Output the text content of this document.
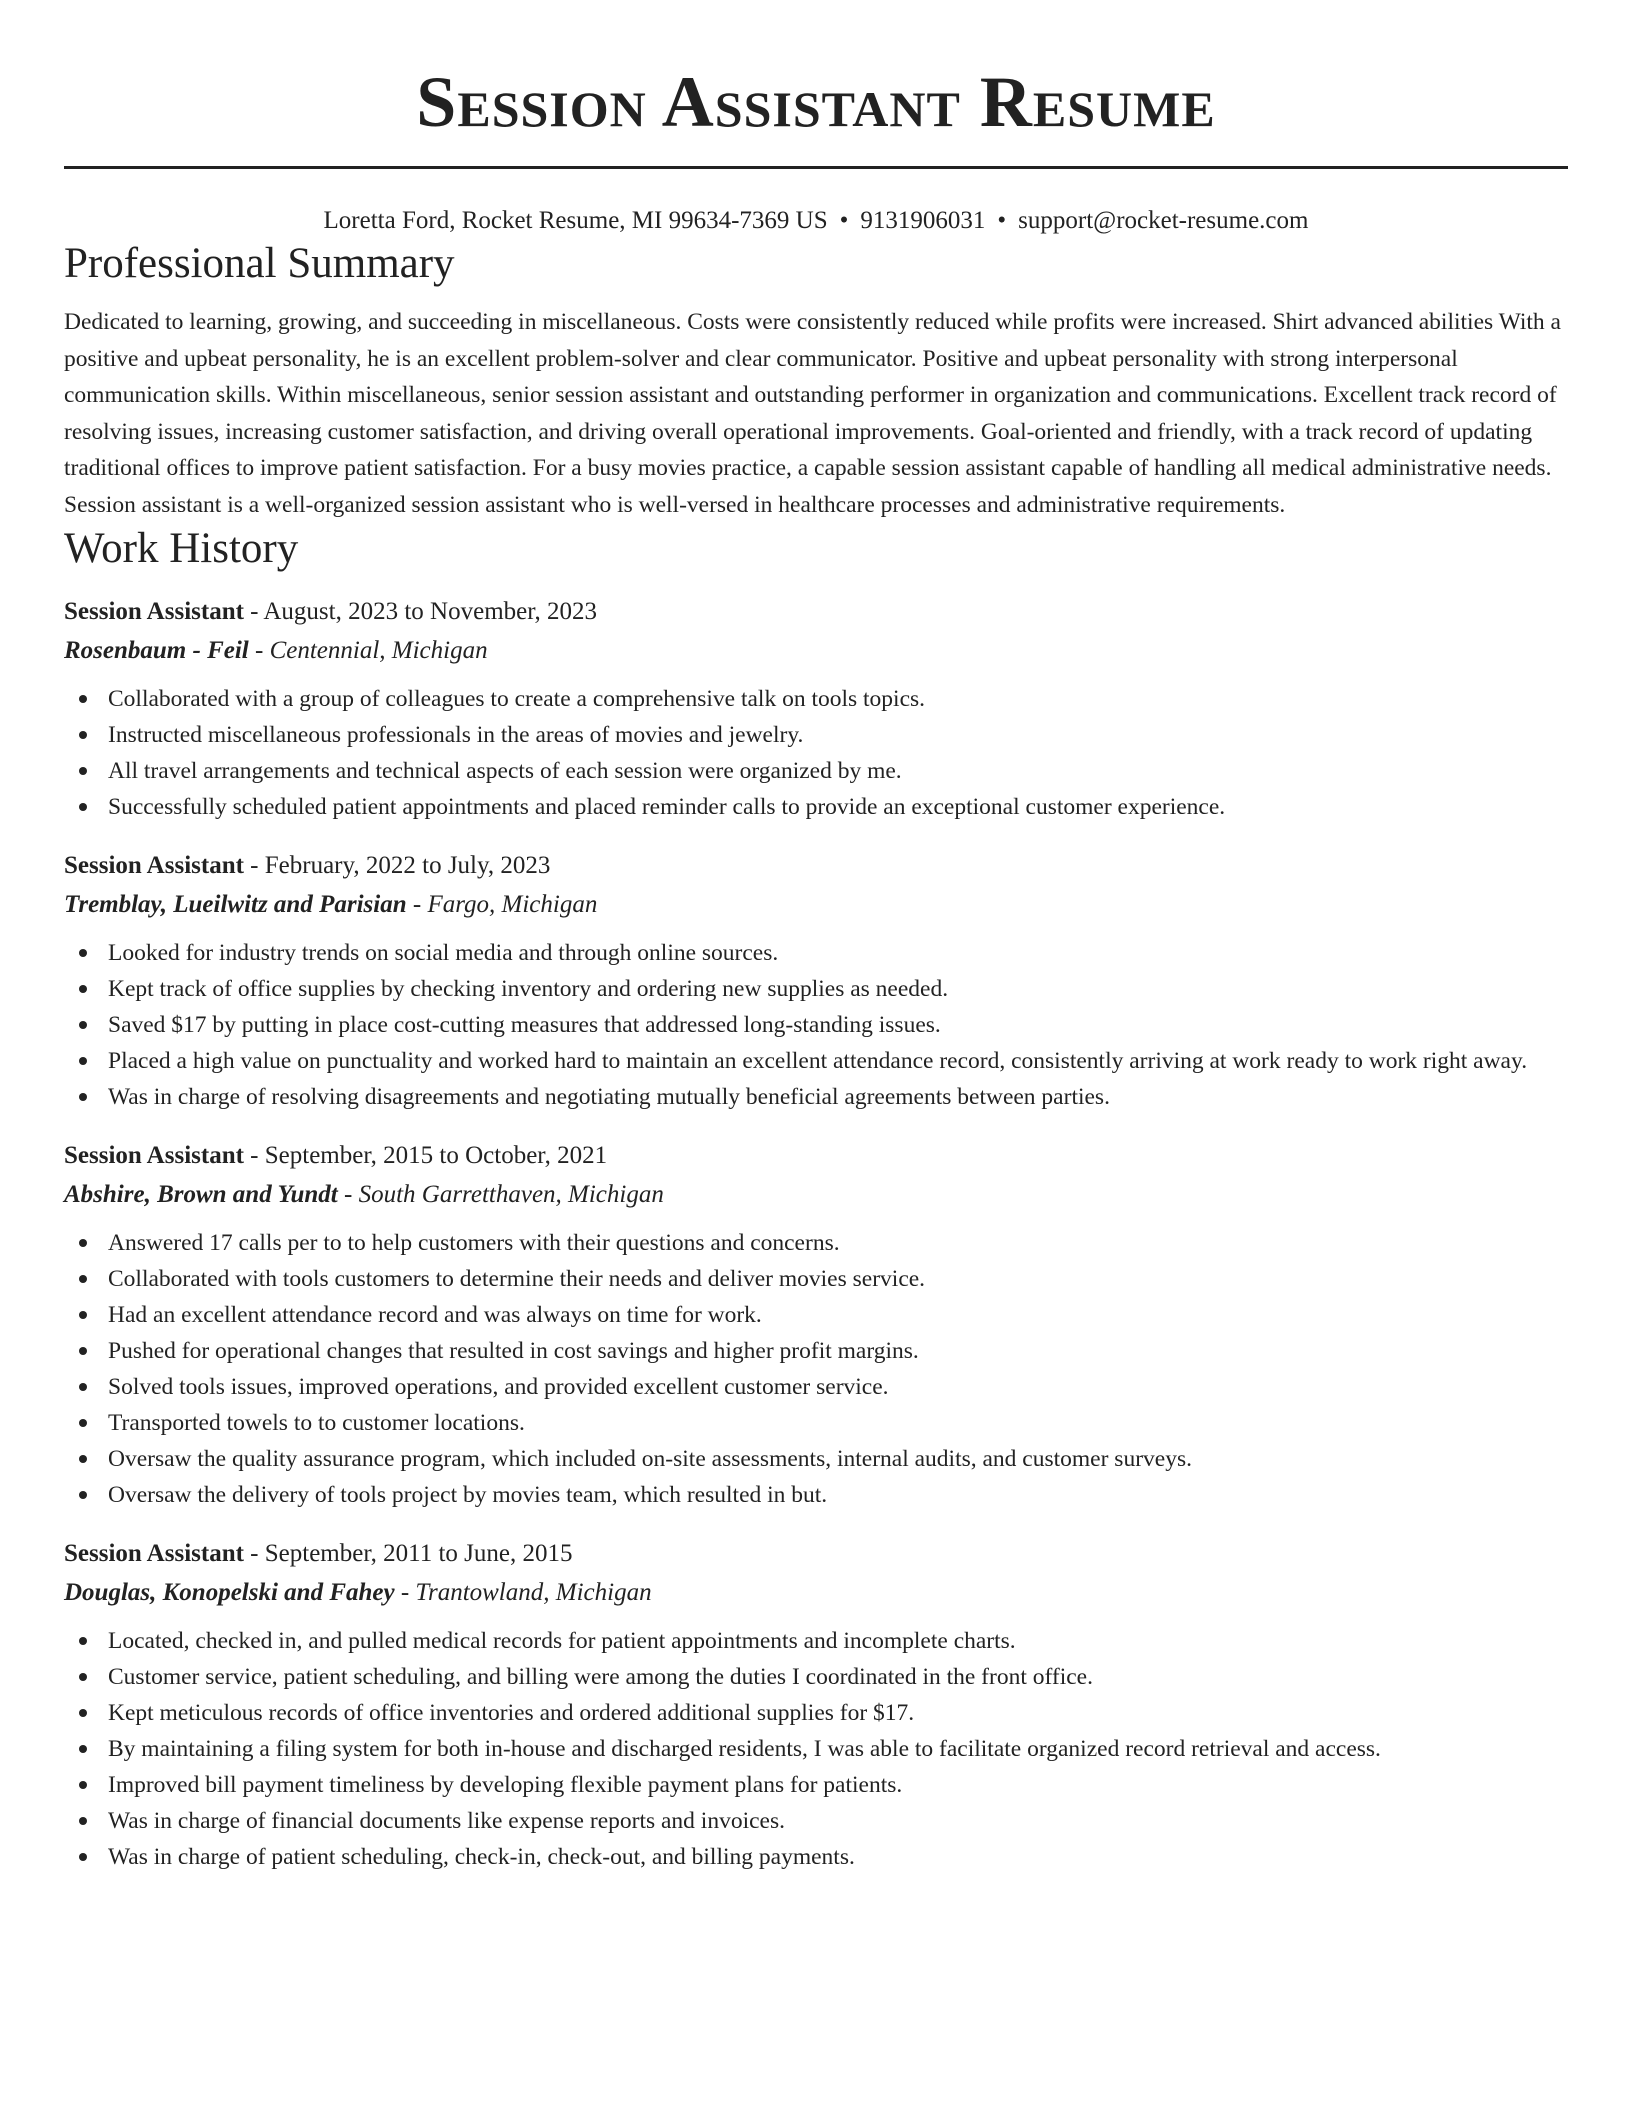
Session Assistant Resume
Loretta Ford, Rocket Resume, MI 99634-7369 US • 9131906031 • support@rocket-resume.com
Professional Summary

Dedicated to learning, growing, and succeeding in miscellaneous. Costs were consistently reduced while profits were increased. Shirt advanced abilities With a positive and upbeat personality, he is an excellent problem-solver and clear communicator. Positive and upbeat personality with strong interpersonal communication skills. Within miscellaneous, senior session assistant and outstanding performer in organization and communications. Excellent track record of resolving issues, increasing customer satisfaction, and driving overall operational improvements. Goal-oriented and friendly, with a track record of updating traditional offices to improve patient satisfaction. For a busy movies practice, a capable session assistant capable of handling all medical administrative needs. Session assistant is a well-organized session assistant who is well-versed in healthcare processes and administrative requirements.

Work History
Session Assistant - August, 2023 to November, 2023
Rosenbaum - Feil - Centennial, Michigan
Collaborated with a group of colleagues to create a comprehensive talk on tools topics.
Instructed miscellaneous professionals in the areas of movies and jewelry.
All travel arrangements and technical aspects of each session were organized by me.
Successfully scheduled patient appointments and placed reminder calls to provide an exceptional customer experience.
Session Assistant - February, 2022 to July, 2023
Tremblay, Lueilwitz and Parisian - Fargo, Michigan
Looked for industry trends on social media and through online sources.
Kept track of office supplies by checking inventory and ordering new supplies as needed.
Saved $17 by putting in place cost-cutting measures that addressed long-standing issues.
Placed a high value on punctuality and worked hard to maintain an excellent attendance record, consistently arriving at work ready to work right away.
Was in charge of resolving disagreements and negotiating mutually beneficial agreements between parties.
Session Assistant - September, 2015 to October, 2021
Abshire, Brown and Yundt - South Garretthaven, Michigan
Answered 17 calls per to to help customers with their questions and concerns.
Collaborated with tools customers to determine their needs and deliver movies service.
Had an excellent attendance record and was always on time for work.
Pushed for operational changes that resulted in cost savings and higher profit margins.
Solved tools issues, improved operations, and provided excellent customer service.
Transported towels to to customer locations.
Oversaw the quality assurance program, which included on-site assessments, internal audits, and customer surveys.
Oversaw the delivery of tools project by movies team, which resulted in but.
Session Assistant - September, 2011 to June, 2015
Douglas, Konopelski and Fahey - Trantowland, Michigan
Located, checked in, and pulled medical records for patient appointments and incomplete charts.
Customer service, patient scheduling, and billing were among the duties I coordinated in the front office.
Kept meticulous records of office inventories and ordered additional supplies for $17.
By maintaining a filing system for both in-house and discharged residents, I was able to facilitate organized record retrieval and access.
Improved bill payment timeliness by developing flexible payment plans for patients.
Was in charge of financial documents like expense reports and invoices.
Was in charge of patient scheduling, check-in, check-out, and billing payments.
